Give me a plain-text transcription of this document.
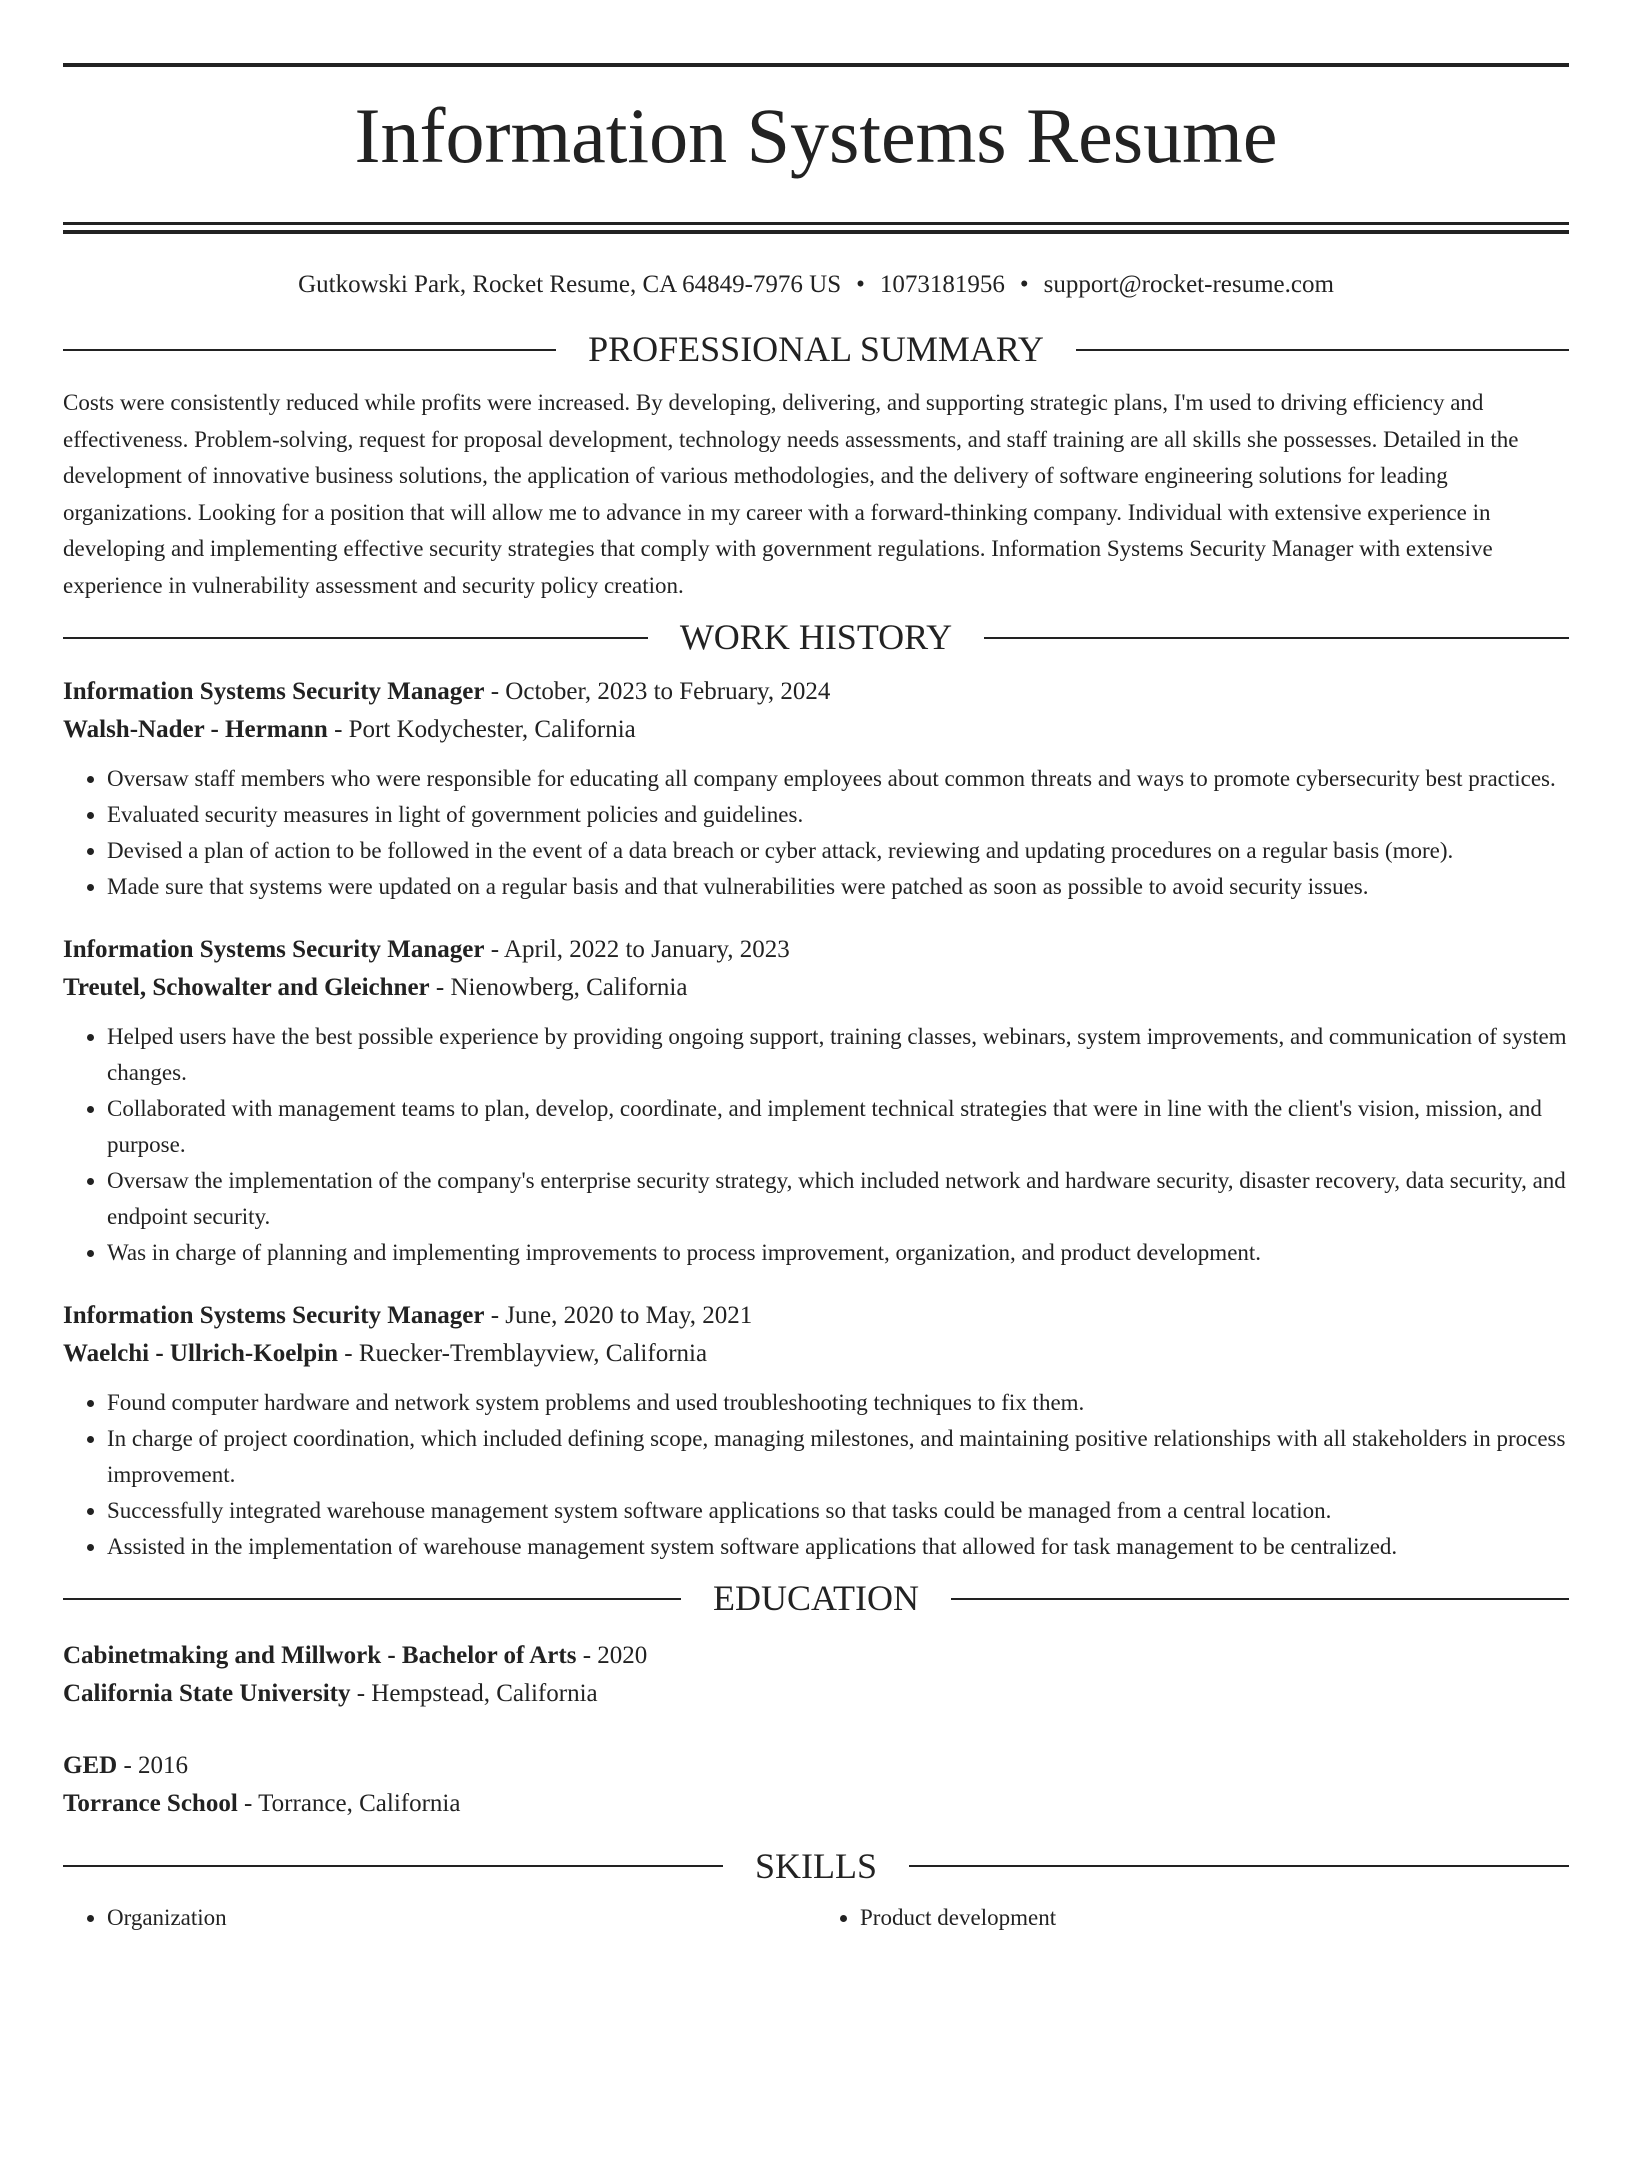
Information Systems Resume
Gutkowski Park, Rocket Resume, CA 64849-7976 US • 1073181956 • support@rocket-resume.com
PROFESSIONAL SUMMARY
Costs were consistently reduced while profits were increased. By developing, delivering, and supporting strategic plans, I'm used to driving efficiency and effectiveness. Problem-solving, request for proposal development, technology needs assessments, and staff training are all skills she possesses. Detailed in the development of innovative business solutions, the application of various methodologies, and the delivery of software engineering solutions for leading organizations. Looking for a position that will allow me to advance in my career with a forward-thinking company. Individual with extensive experience in developing and implementing effective security strategies that comply with government regulations. Information Systems Security Manager with extensive experience in vulnerability assessment and security policy creation.
WORK HISTORY
Information Systems Security Manager - October, 2023 to February, 2024
Walsh-Nader - Hermann - Port Kodychester, California
• Oversaw staff members who were responsible for educating all company employees about common threats and ways to promote cybersecurity best practices.
• Evaluated security measures in light of government policies and guidelines.
• Devised a plan of action to be followed in the event of a data breach or cyber attack, reviewing and updating procedures on a regular basis (more).
• Made sure that systems were updated on a regular basis and that vulnerabilities were patched as soon as possible to avoid security issues.
Information Systems Security Manager - April, 2022 to January, 2023
Treutel, Schowalter and Gleichner - Nienowberg, California
• Helped users have the best possible experience by providing ongoing support, training classes, webinars, system improvements, and communication of system changes.
• Collaborated with management teams to plan, develop, coordinate, and implement technical strategies that were in line with the client's vision, mission, and purpose.
• Oversaw the implementation of the company's enterprise security strategy, which included network and hardware security, disaster recovery, data security, and endpoint security.
• Was in charge of planning and implementing improvements to process improvement, organization, and product development.
Information Systems Security Manager - June, 2020 to May, 2021
Waelchi - Ullrich-Koelpin - Ruecker-Tremblayview, California
• Found computer hardware and network system problems and used troubleshooting techniques to fix them.
• In charge of project coordination, which included defining scope, managing milestones, and maintaining positive relationships with all stakeholders in process improvement.
• Successfully integrated warehouse management system software applications so that tasks could be managed from a central location.
• Assisted in the implementation of warehouse management system software applications that allowed for task management to be centralized.
EDUCATION
Cabinetmaking and Millwork - Bachelor of Arts - 2020
California State University - Hempstead, California
GED - 2016
Torrance School - Torrance, California
SKILLS
• Organization
•	Product development
